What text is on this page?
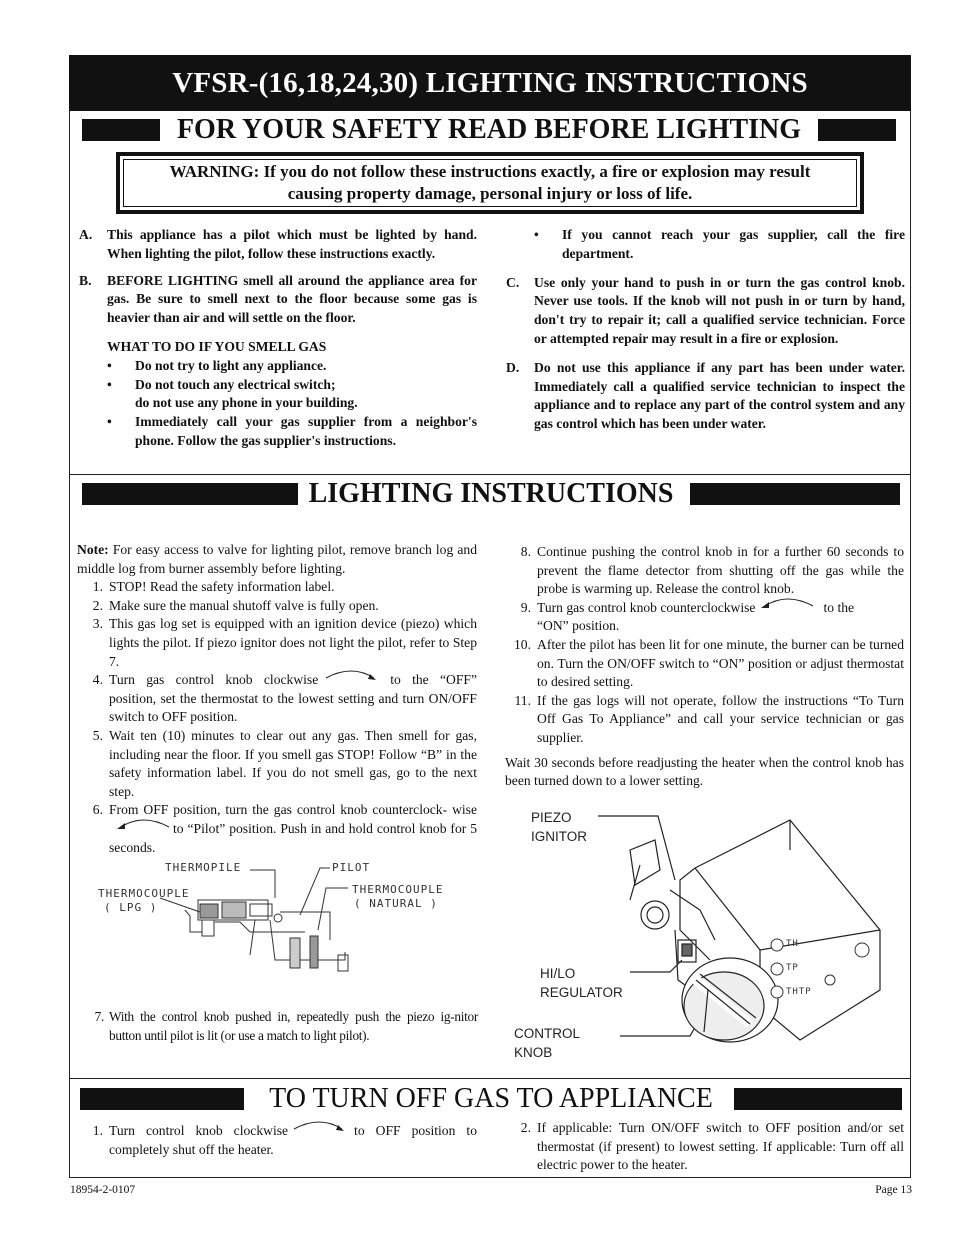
VFSR-(16,18,24,30) LIGHTING INSTRUCTIONS
FOR YOUR SAFETY READ BEFORE LIGHTING
WARNING: If you do not follow these instructions exactly, a fire or explosion may result
causing property damage, personal injury or loss of life.
A. This appliance has a pilot which must be lighted by hand. When lighting the pilot, follow these instructions exactly.
B. BEFORE LIGHTING smell all around the appliance area for gas. Be sure to smell next to the floor because some gas is heavier than air and will settle on the floor.
WHAT TO DO IF YOU SMELL GAS
• Do not try to light any appliance.
• Do not touch any electrical switch;
do not use any phone in your building.
• Immediately call your gas supplier from a neighbor's phone. Follow the gas supplier's instructions.
• If you cannot reach your gas supplier, call the fire department.
C. Use only your hand to push in or turn the gas control knob. Never use tools. If the knob will not push in or turn by hand, don't try to repair it; call a qualified service technician. Force or attempted repair may result in a fire or explosion.
D. Do not use this appliance if any part has been under water. Immediately call a qualified service technician to inspect the appliance and to replace any part of the control system and any gas control which has been under water.
LIGHTING INSTRUCTIONS
Note: For easy access to valve for lighting pilot, remove branch log and middle log from burner assembly before lighting.
1. STOP! Read the safety information label.
2. Make sure the manual shutoff valve is fully open.
3. This gas log set is equipped with an ignition device (piezo) which lights the pilot. If piezo ignitor does not light the pilot, refer to Step 7.
4. Turn gas control knob clockwise	to the “OFF” position, set the thermostat to the lowest setting and turn ON/OFF switch to OFF position.
5. Wait ten (10) minutes to clear out any gas. Then smell for gas, including near the floor. If you smell gas STOP! Follow “B” in the safety information label. If you do not smell gas, go to the next step.
6. From OFF position, turn the gas control knob counterclock- wise
to “Pilot” position. Push in and hold control knob for 5 seconds.
THERMOPILE	PILOT
THERMOCOUPLE
( LPG )
THERMOCOUPLE
( NATURAL )
7. With the control knob pushed in, repeatedly push the piezo ig-nitor button until pilot is lit (or use a match to light pilot).
8. Continue pushing the control knob in for a further 60 seconds to prevent the flame detector from shutting off the gas while the probe is warming up. Release the control knob.
9. Turn gas control knob counterclockwise	to the
“ON” position.
10. After the pilot has been lit for one minute, the burner can be turned on. Turn the ON/OFF switch to “ON” position or adjust thermostat to desired setting.
11. If the gas logs will not operate, follow the instructions “To Turn Off Gas To Appliance” and call your service technician or gas supplier.
Wait 30 seconds before readjusting the heater when the control knob has been turned down to a lower setting.
PIEZO
IGNITOR
HI/LO
REGULATOR
CONTROL
KNOB
TH
TP
THTP
TO TURN OFF GAS TO APPLIANCE
1. Turn control knob clockwise	to OFF position to completely shut off the heater.
2. If applicable: Turn ON/OFF switch to OFF position and/or set thermostat (if present) to lowest setting. If applicable: Turn off all electric power to the heater.
18954-2-0107	Page 13
